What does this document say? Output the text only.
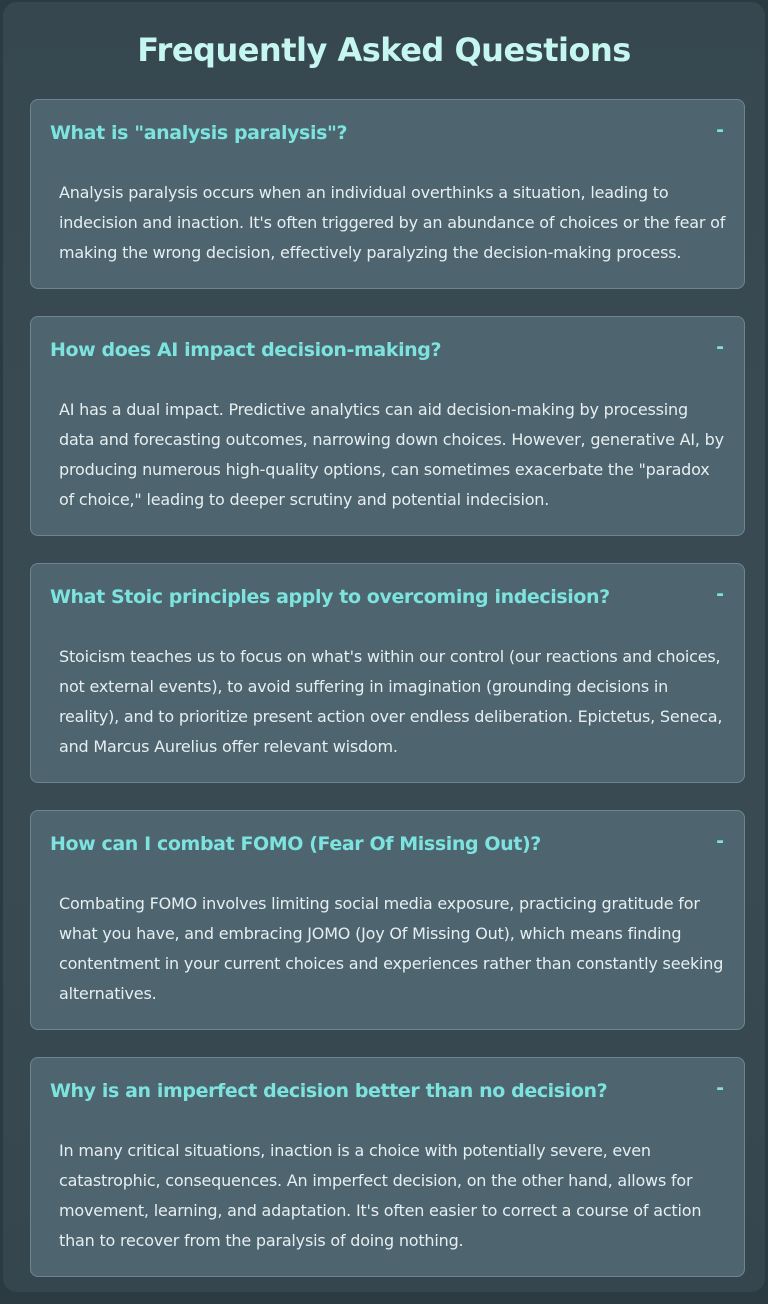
Frequently Asked Questions
What is "analysis paralysis"?	-
Analysis paralysis occurs when an individual overthinks a situation, leading to indecision and inaction. It's often triggered by an abundance of choices or the fear of making the wrong decision, effectively paralyzing the decision-making process.
How does AI impact decision-making?	-
AI has a dual impact. Predictive analytics can aid decision-making by processing data and forecasting outcomes, narrowing down choices. However, generative AI, by producing numerous high-quality options, can sometimes exacerbate the "paradox of choice," leading to deeper scrutiny and potential indecision.
What Stoic principles apply to overcoming indecision?	-
Stoicism teaches us to focus on what's within our control (our reactions and choices, not external events), to avoid suffering in imagination (grounding decisions in reality), and to prioritize present action over endless deliberation. Epictetus, Seneca, and Marcus Aurelius offer relevant wisdom.
How can I combat FOMO (Fear Of Missing Out)?	-
Combating FOMO involves limiting social media exposure, practicing gratitude for what you have, and embracing JOMO (Joy Of Missing Out), which means finding contentment in your current choices and experiences rather than constantly seeking alternatives.
Why is an imperfect decision better than no decision?	-
In many critical situations, inaction is a choice with potentially severe, even catastrophic, consequences. An imperfect decision, on the other hand, allows for movement, learning, and adaptation. It's often easier to correct a course of action than to recover from the paralysis of doing nothing.
